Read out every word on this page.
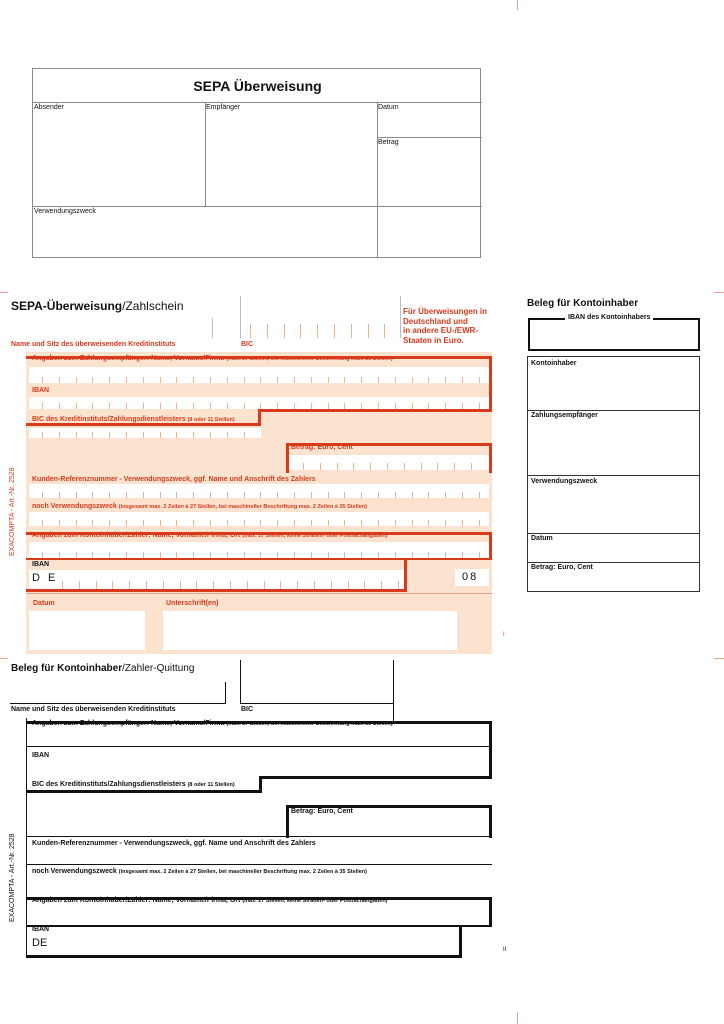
SEPA Überweisung
Absender	Empfänger	Datum
Betrag
Verwendungszweck
SEPA-Überweisung/Zahlschein	Für Überweisungen in
Deutschland und
in andere EU-/EWR-
Staaten in Euro.
Name und Sitz des überweisenden Kreditinstituts	BIC
Angaben zum Zahlungsempfänger: Name, Vorname/Firma (max. 27 Stellen, bei maschineller Beschriftung max. 35 Stellen)
IBAN
BIC des Kreditinstituts/Zahlungsdienstleisters (8 oder 11 Stellen)
Betrag: Euro, Cent
Kunden-Referenznummer - Verwendungszweck, ggf. Name und Anschrift des Zahlers
noch Verwendungszweck (insgesamt max. 2 Zeilen à 27 Stellen, bei maschineller Beschriftung max. 2 Zeilen à 35 Stellen)
Angaben zum Kontoinhaber/Zahler: Name, Vorname/Firma, Ort (max. 27 Stellen, keine Straßen- oder Postfachangaben)
IBAN
D E	08
Datum	Unterschrift(en)
EXACOMPTA - Art.-Nr. 2528
I
Beleg für Kontoinhaber
IBAN des Kontoinhabers
Kontoinhaber
Zahlungsempfänger
Verwendungszweck
Datum
Betrag: Euro, Cent
Beleg für Kontoinhaber/Zahler-Quittung
Name und Sitz des überweisenden Kreditinstituts	BIC
Angaben zum Zahlungsempfänger: Name, Vorname/Firma (max. 27 Stellen, bei maschineller Beschriftung max. 35 Stellen)
IBAN
BIC des Kreditinstituts/Zahlungsdienstleisters (8 oder 11 Stellen)
Betrag: Euro, Cent
Kunden-Referenznummer - Verwendungszweck, ggf. Name und Anschrift des Zahlers
noch Verwendungszweck (insgesamt max. 2 Zeilen à 27 Stellen, bei maschineller Beschriftung max. 2 Zeilen à 35 Stellen)
Angaben zum Kontoinhaber/Zahler: Name, Vorname/Firma, Ort (max. 27 Stellen, keine Straßen- oder Postfachangaben)
IBAN
DE
EXACOMPTA - Art.-Nr. 2528
II
